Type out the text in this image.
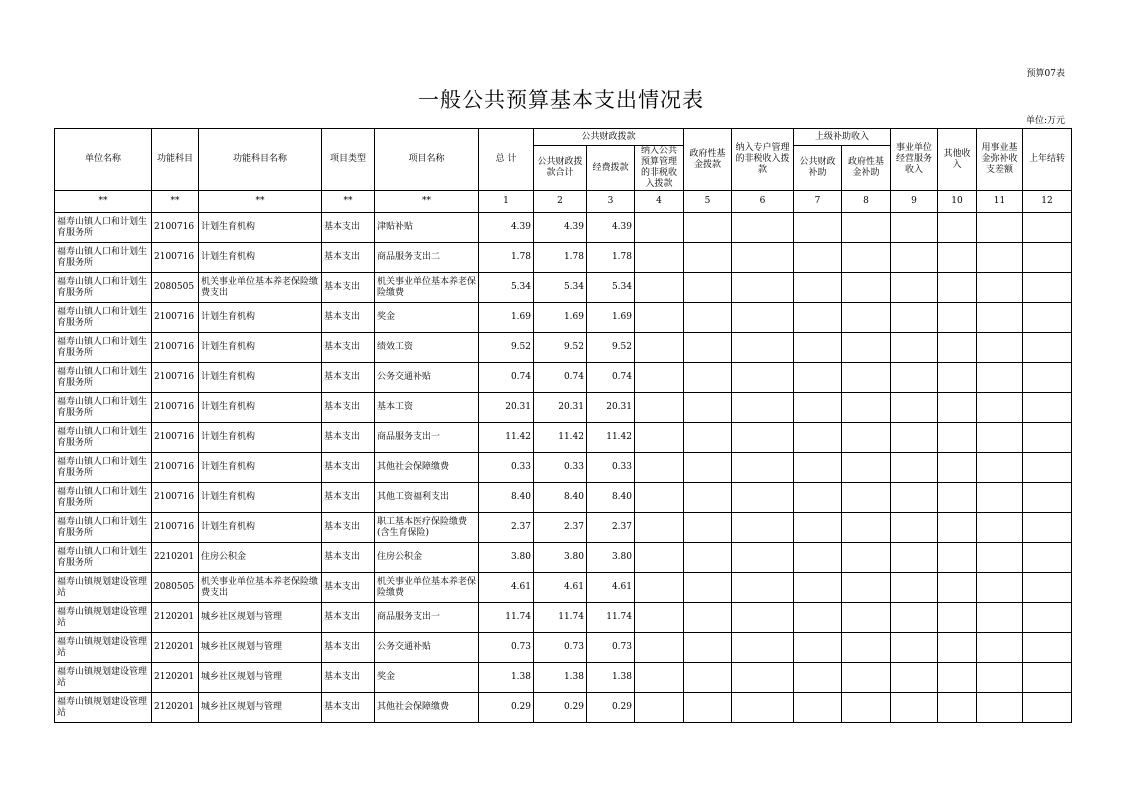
预算07表
一般公共预算基本支出情况表
单位:万元
单位名称	功能科目	功能科目名称	项目类型	项目名称	总 计	公共财政拨款			政府性基金拨款	纳入专户管理的非税收入拨款	上级补助收入		事业单位经营服务收入	其他收入	用事业基金弥补收支差额	上年结转
						公共财政拨款合计	经费拨款	纳入公共预算管理的非税收入拨款			公共财政补助	政府性基金补助				
**	**	**	**	**	1	2	3	4	5	6	7	8	9	10	11	12
福寿山镇人口和计划生育服务所	2100716	计划生育机构	基本支出	津贴补贴	4.39	4.39	4.39									
福寿山镇人口和计划生育服务所	2100716	计划生育机构	基本支出	商品服务支出二	1.78	1.78	1.78									
福寿山镇人口和计划生育服务所	2080505	机关事业单位基本养老保险缴费支出	基本支出	机关事业单位基本养老保险缴费	5.34	5.34	5.34									
福寿山镇人口和计划生育服务所	2100716	计划生育机构	基本支出	奖金	1.69	1.69	1.69									
福寿山镇人口和计划生育服务所	2100716	计划生育机构	基本支出	绩效工资	9.52	9.52	9.52									
福寿山镇人口和计划生育服务所	2100716	计划生育机构	基本支出	公务交通补贴	0.74	0.74	0.74									
福寿山镇人口和计划生育服务所	2100716	计划生育机构	基本支出	基本工资	20.31	20.31	20.31									
福寿山镇人口和计划生育服务所	2100716	计划生育机构	基本支出	商品服务支出一	11.42	11.42	11.42									
福寿山镇人口和计划生育服务所	2100716	计划生育机构	基本支出	其他社会保障缴费	0.33	0.33	0.33									
福寿山镇人口和计划生育服务所	2100716	计划生育机构	基本支出	其他工资福利支出	8.40	8.40	8.40									
福寿山镇人口和计划生育服务所	2100716	计划生育机构	基本支出	职工基本医疗保险缴费(含生育保险)	2.37	2.37	2.37									
福寿山镇人口和计划生育服务所	2210201	住房公积金	基本支出	住房公积金	3.80	3.80	3.80									
福寿山镇规划建设管理站	2080505	机关事业单位基本养老保险缴费支出	基本支出	机关事业单位基本养老保险缴费	4.61	4.61	4.61									
福寿山镇规划建设管理站	2120201	城乡社区规划与管理	基本支出	商品服务支出一	11.74	11.74	11.74									
福寿山镇规划建设管理站	2120201	城乡社区规划与管理	基本支出	公务交通补贴	0.73	0.73	0.73									
福寿山镇规划建设管理站	2120201	城乡社区规划与管理	基本支出	奖金	1.38	1.38	1.38									
福寿山镇规划建设管理站	2120201	城乡社区规划与管理	基本支出	其他社会保障缴费	0.29	0.29	0.29									
